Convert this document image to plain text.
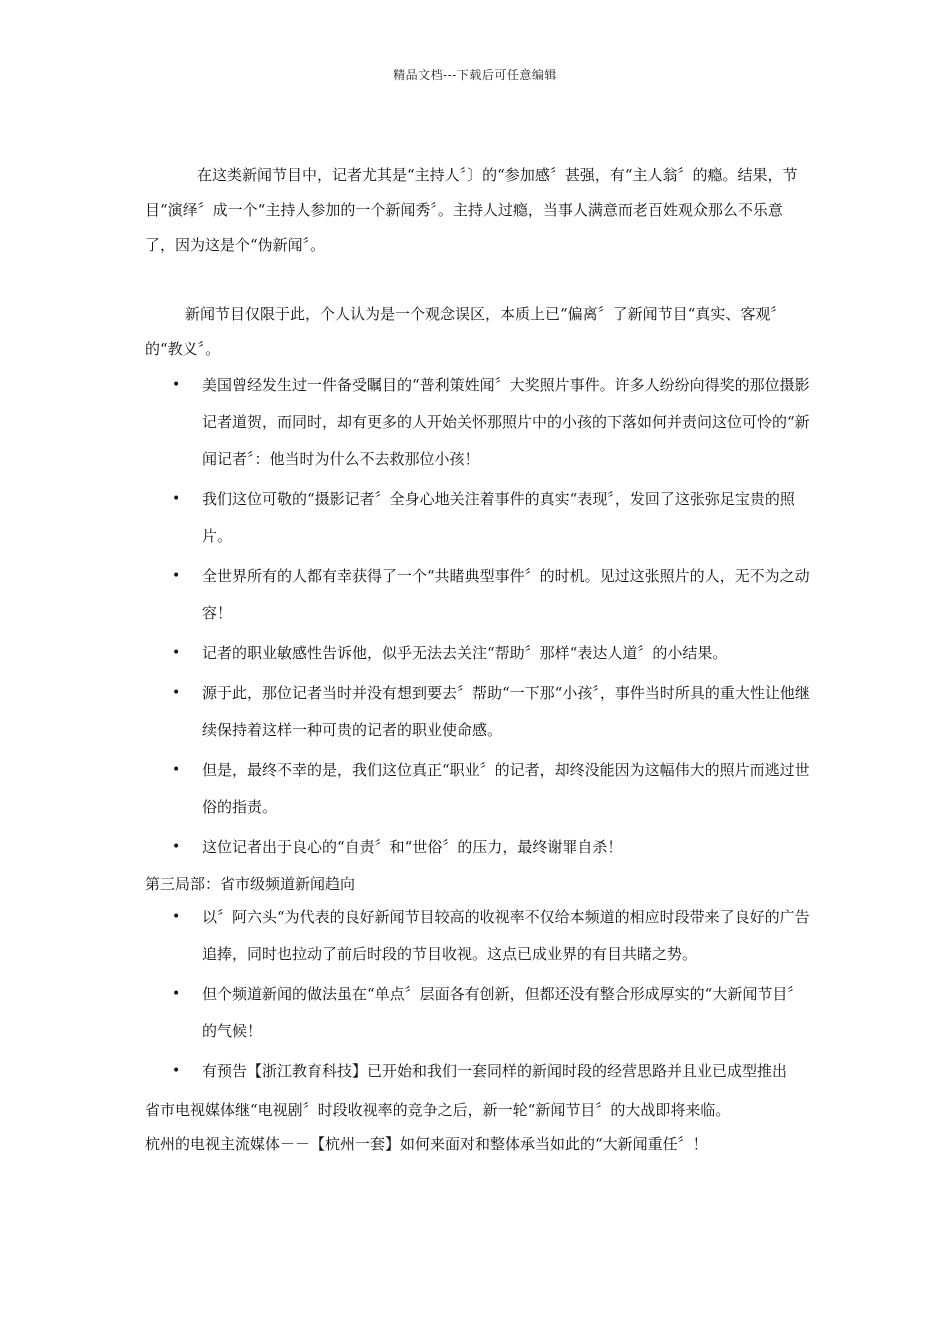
精品文档---下载后可任意编辑

在这类新闻节目中，记者尤其是“主持人〞〕的“参加感〞甚强，有“主人翁〞的瘾。结果，节目“演绎〞成一个“主持人参加的一个新闻秀〞。主持人过瘾，当事人满意而老百姓观众那么不乐意了，因为这是个“伪新闻〞。

新闻节目仅限于此，个人认为是一个观念误区，本质上已“偏离〞了新闻节目“真实、客观〞的“教义〞。

• 美国曾经发生过一件备受瞩目的“普利策姓闻〞大奖照片事件。许多人纷纷向得奖的那位摄影记者道贺，而同时，却有更多的人开始关怀那照片中的小孩的下落如何并责问这位可怜的“新闻记者〞：他当时为什么不去救那位小孩！
• 我们这位可敬的“摄影记者〞全身心地关注着事件的真实“表现〞，发回了这张弥足宝贵的照片。
• 全世界所有的人都有幸获得了一个“共睹典型事件〞的时机。见过这张照片的人，无不为之动容！
• 记者的职业敏感性告诉他，似乎无法去关注“帮助〞那样“表达人道〞的小结果。
• 源于此，那位记者当时并没有想到要去〞帮助“一下那“小孩〞，事件当时所具的重大性让他继续保持着这样一种可贵的记者的职业使命感。
• 但是，最终不幸的是，我们这位真正“职业〞的记者，却终没能因为这幅伟大的照片而逃过世俗的指责。
• 这位记者出于良心的“自责〞和“世俗〞的压力，最终谢罪自杀！

第三局部：省市级频道新闻趋向

• 以〞阿六头“为代表的良好新闻节目较高的收视率不仅给本频道的相应时段带来了良好的广告追捧，同时也拉动了前后时段的节目收视。这点已成业界的有目共睹之势。
• 但个频道新闻的做法虽在“单点〞层面各有创新，但都还没有整合形成厚实的“大新闻节目〞的气候！
• 有预告【浙江教育科技】已开始和我们一套同样的新闻时段的经营思路并且业已成型推出

省市电视媒体继“电视剧〞时段收视率的竞争之后，新一轮“新闻节目〞的大战即将来临。

杭州的电视主流媒体－－【杭州一套】如何来面对和整体承当如此的“大新闻重任〞！
